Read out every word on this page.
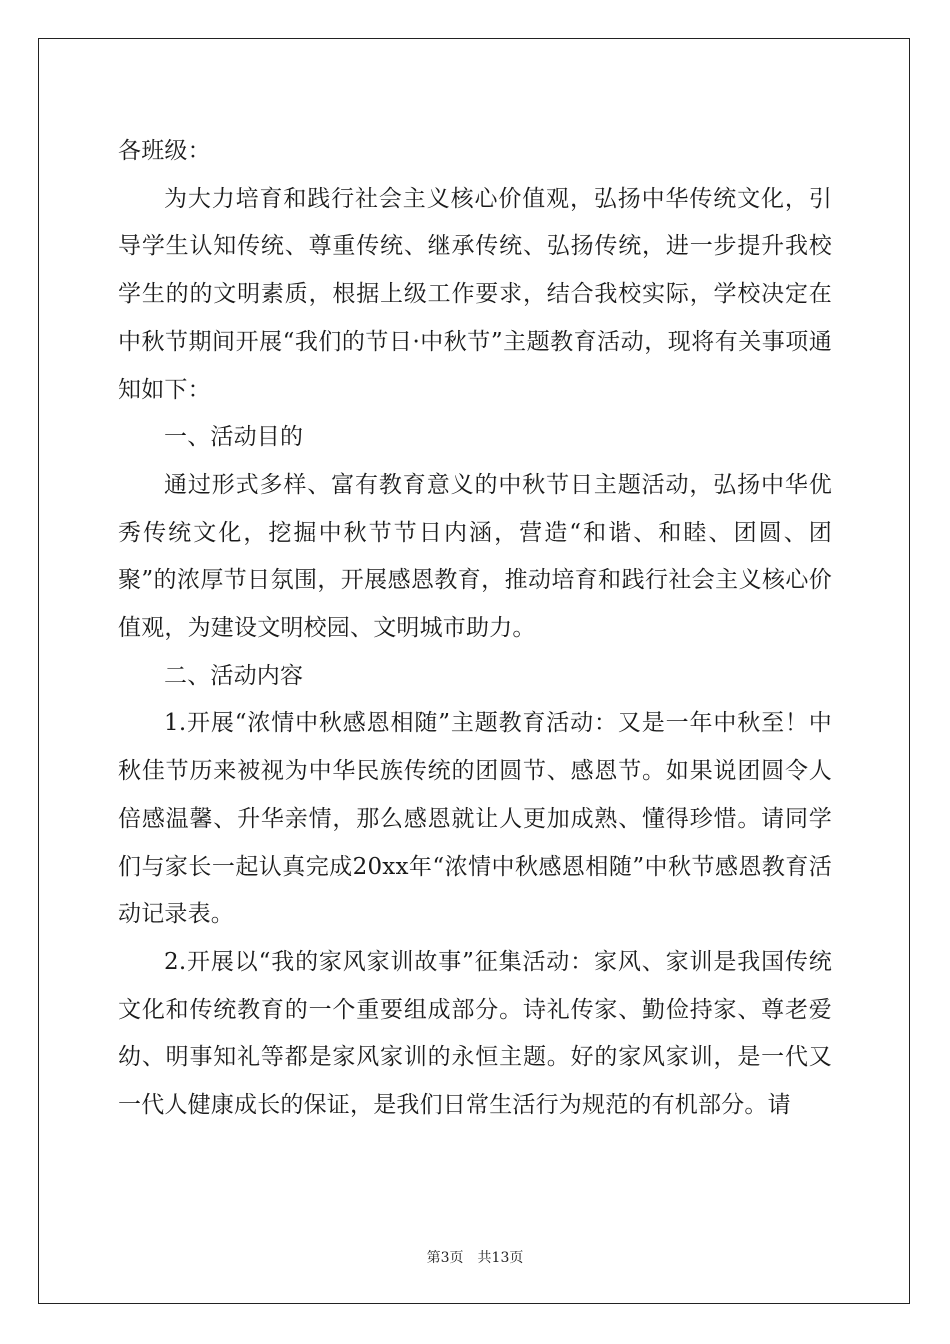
各班级：

为大力培育和践行社会主义核心价值观，弘扬中华传统文化，引导学生认知传统、尊重传统、继承传统、弘扬传统，进一步提升我校学生的的文明素质，根据上级工作要求，结合我校实际，学校决定在中秋节期间开展“我们的节日·中秋节”主题教育活动，现将有关事项通知如下：

一、活动目的

通过形式多样、富有教育意义的中秋节日主题活动，弘扬中华优秀传统文化，挖掘中秋节节日内涵，营造“和谐、和睦、团圆、团聚”的浓厚节日氛围，开展感恩教育，推动培育和践行社会主义核心价值观，为建设文明校园、文明城市助力。

二、活动内容

1.开展“浓情中秋感恩相随”主题教育活动：又是一年中秋至！中秋佳节历来被视为中华民族传统的团圆节、感恩节。如果说团圆令人倍感温馨、升华亲情，那么感恩就让人更加成熟、懂得珍惜。请同学们与家长一起认真完成20xx年“浓情中秋感恩相随”中秋节感恩教育活动记录表。

2.开展以“我的家风家训故事”征集活动：家风、家训是我国传统文化和传统教育的一个重要组成部分。诗礼传家、勤俭持家、尊老爱幼、明事知礼等都是家风家训的永恒主题。好的家风家训，是一代又一代人健康成长的保证，是我们日常生活行为规范的有机部分。请

第3页 共13页
